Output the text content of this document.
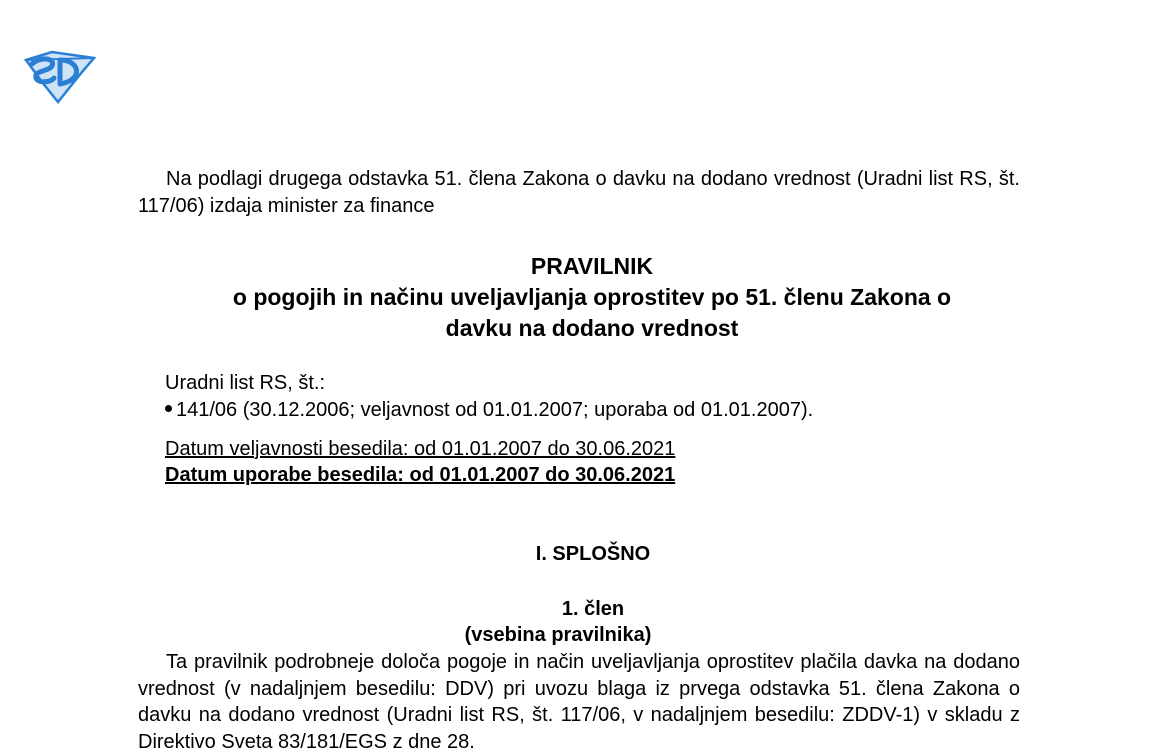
Na podlagi drugega odstavka 51. člena Zakona o davku na dodano vrednost (Uradni list RS, št. 117/06) izdaja minister za finance
PRAVILNIK
o pogojih in načinu uveljavljanja oprostitev po 51. členu Zakona o
davku na dodano vrednost
Uradni list RS, št.:
141/06 (30.12.2006; veljavnost od 01.01.2007; uporaba od 01.01.2007).
Datum veljavnosti besedila: od 01.01.2007 do 30.06.2021
Datum uporabe besedila: od 01.01.2007 do 30.06.2021
I. SPLOŠNO
1. člen
(vsebina pravilnika)
Ta pravilnik podrobneje določa pogoje in način uveljavljanja oprostitev plačila davka na dodano vrednost (v nadaljnjem besedilu: DDV) pri uvozu blaga iz prvega odstavka 51. člena Zakona o davku na dodano vrednost (Uradni list RS, št. 117/06, v nadaljnjem besedilu: ZDDV-1) v skladu z Direktivo Sveta 83/181/EGS z dne 28.
